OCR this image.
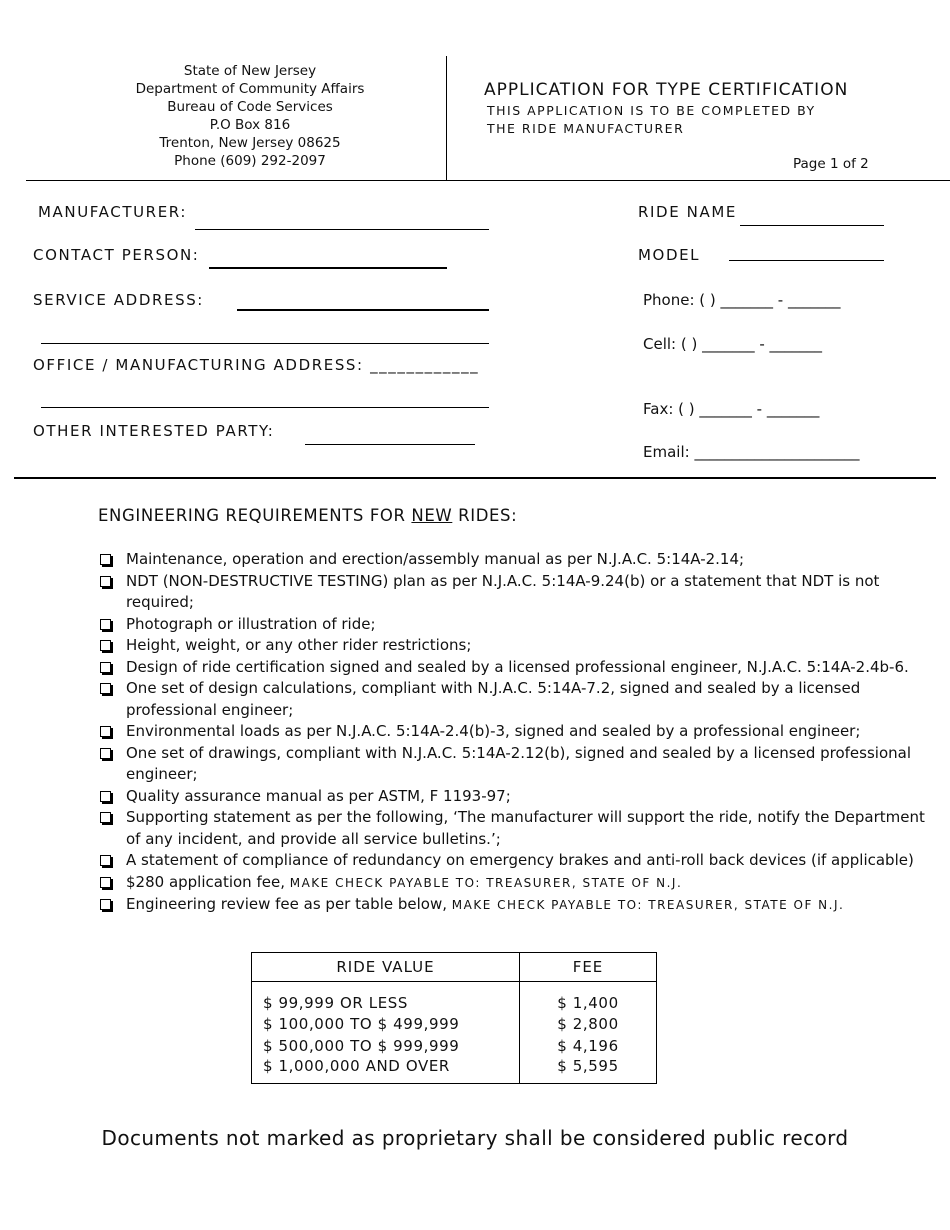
State of New Jersey
Department of Community Affairs
Bureau of Code Services
P.O Box 816
Trenton, New Jersey 08625
Phone (609) 292-2097
APPLICATION FOR TYPE CERTIFICATION
THIS APPLICATION IS TO BE COMPLETED BY
THE RIDE MANUFACTURER
Page 1 of 2
MANUFACTURER:
CONTACT PERSON:
SERVICE ADDRESS:
OFFICE / MANUFACTURING ADDRESS: ____________
OTHER INTERESTED PARTY:
RIDE NAME
MODEL
Phone: ( ) _______ - _______
Cell: ( ) _______ - _______
Fax: ( ) _______ - _______
Email: ______________________
ENGINEERING REQUIREMENTS FOR NEW RIDES:
Maintenance, operation and erection/assembly manual as per N.J.A.C. 5:14A-2.14;
NDT (NON-DESTRUCTIVE TESTING) plan as per N.J.A.C. 5:14A-9.24(b) or a statement that NDT is not required;
Photograph or illustration of ride;
Height, weight, or any other rider restrictions;
Design of ride certification signed and sealed by a licensed professional engineer, N.J.A.C. 5:14A-2.4b-6.
One set of design calculations, compliant with N.J.A.C. 5:14A-7.2, signed and sealed by a licensed professional engineer;
Environmental loads as per N.J.A.C. 5:14A-2.4(b)-3, signed and sealed by a professional engineer;
One set of drawings, compliant with N.J.A.C. 5:14A-2.12(b), signed and sealed by a licensed professional engineer;
Quality assurance manual as per ASTM, F 1193-97;
Supporting statement as per the following, ‘The manufacturer will support the ride, notify the Department of any incident, and provide all service bulletins.’;
A statement of compliance of redundancy on emergency brakes and anti-roll back devices (if applicable)
$280 application fee, MAKE CHECK PAYABLE TO: TREASURER, STATE OF N.J.
Engineering review fee as per table below, MAKE CHECK PAYABLE TO: TREASURER, STATE OF N.J.
RIDE VALUE	FEE

$ 99,999 OR LESS	$ 1,400
$ 100,000 TO $ 499,999	$ 2,800
$ 500,000 TO $ 999,999	$ 4,196
$ 1,000,000 AND OVER	$ 5,595
Documents not marked as proprietary shall be considered public record
